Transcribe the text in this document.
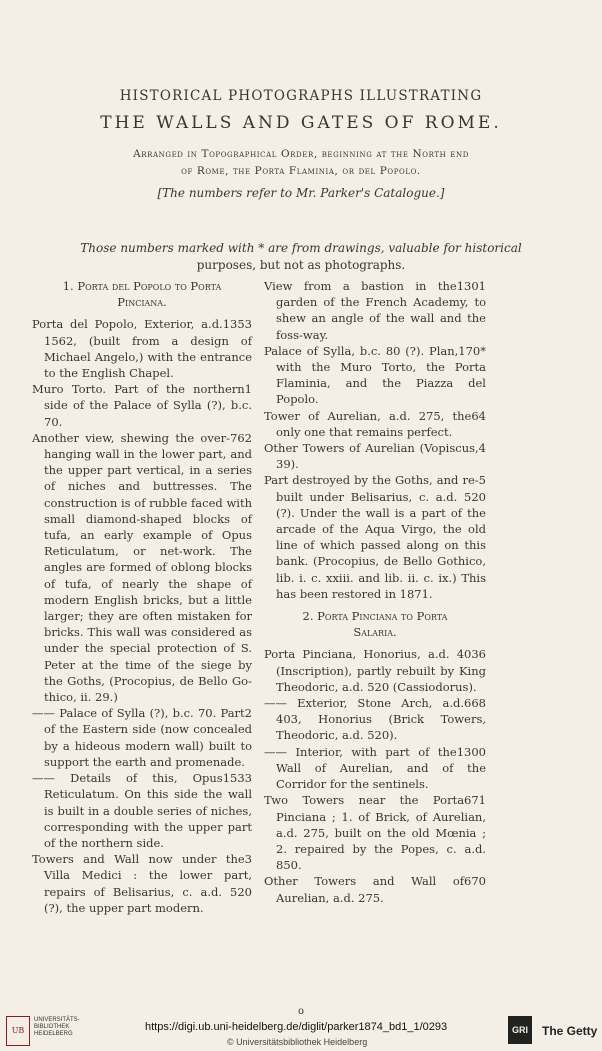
HISTORICAL PHOTOGRAPHS ILLUSTRATING
THE WALLS AND GATES OF ROME.
Arranged in Topographical Order, beginning at the North end
of Rome, the Porta Flaminia, or del Popolo.
[The numbers refer to Mr. Parker's Catalogue.]
Those numbers marked with * are from drawings, valuable for historical
purposes, but not as photographs.

1. Porta del Popolo to Porta
Pinciana.

1353
Porta del Popolo, Exterior, a.d. 1562, (built from a design of Michael Angelo,) with the entrance to the English Chapel.

1
Muro Torto. Part of the northern side of the Palace of Sylla (?), b.c. 70.

762
Another view, shewing the overhanging wall in the lower part, and the upper part vertical, in a series of niches and buttresses. The construction is of rubble faced with small diamond-shaped blocks of tufa, an early example of Opus Reticulatum, or net-work. The angles are formed of oblong blocks of tufa, of nearly the shape of modern English bricks, but a little larger; they are often mistaken for bricks. This wall was considered as under the special protection of S. Peter at the time of the siege by the Goths, (Procopius, de Bello Gothico, ii. 29.)

2
—— Palace of Sylla (?), b.c. 70. Part of the Eastern side (now concealed by a hideous modern wall) built to support the earth and promenade.

1533
—— Details of this, Opus Reticulatum. On this side the wall is built in a double series of niches, corresponding with the upper part of the northern side.

3
Towers and Wall now under the Villa Medici : the lower part, repairs of Belisarius, c. a.d. 520 (?), the upper part modern.

1301
View from a bastion in the garden of the French Academy, to shew an angle of the wall and the foss-way.

170*
Palace of Sylla, b.c. 80 (?). Plan, with the Muro Torto, the Porta Flaminia, and the Piazza del Popolo.

64
Tower of Aurelian, a.d. 275, the only one that remains perfect.

4
Other Towers of Aurelian (Vopiscus, 39).

5
Part destroyed by the Goths, and rebuilt under Belisarius, c. a.d. 520 (?). Under the wall is a part of the arcade of the Aqua Virgo, the old line of which passed along on this bank. (Procopius, de Bello Gothico, lib. i. c. xxiii. and lib. ii. c. ix.) This has been restored in 1871.

2. Porta Pinciana to Porta
Salaria.

6
Porta Pinciana, Honorius, a.d. 403 (Inscription), partly rebuilt by King Theodoric, a.d. 520 (Cassiodorus).

668
—— Exterior, Stone Arch, a.d. 403, Honorius (Brick Towers, Theodoric, a.d. 520).

1300
—— Interior, with part of the Wall of Aurelian, and of the Corridor for the sentinels.

671
Two Towers near the Porta Pinciana ; 1. of Brick, of Aurelian, a.d. 275, built on the old Mœnia ; 2. repaired by the Popes, c. a.d. 850.

670
Other Towers and Wall of Aurelian, a.d. 275.

o
UB
UNIVERSITÄTS-
BIBLIOTHEK
HEIDELBERG
https://digi.ub.uni-heidelberg.de/diglit/parker1874_bd1_1/0293
© Universitätsbibliothek Heidelberg
GRI	The Getty
